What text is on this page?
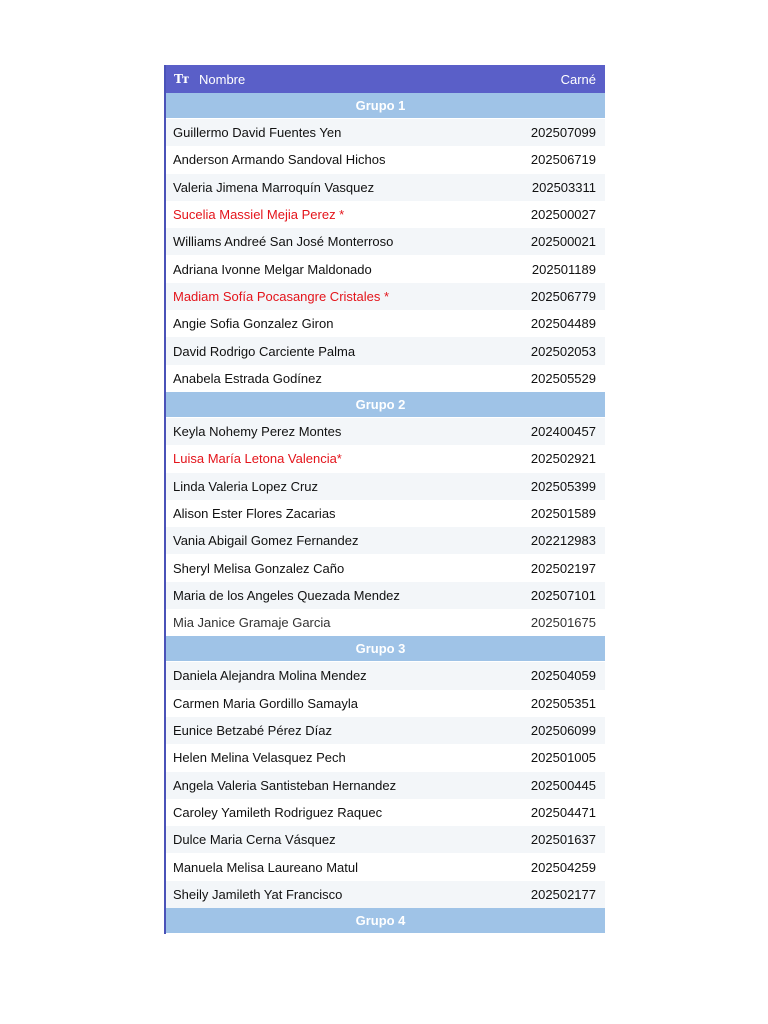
Tт Nombre	Carné
Grupo 1
Guillermo David Fuentes Yen	202507099
Anderson Armando Sandoval Hichos	202506719
Valeria Jimena Marroquín Vasquez	202503311
Sucelia Massiel Mejia Perez *	202500027
Williams Andreé San José Monterroso	202500021
Adriana Ivonne Melgar Maldonado	202501189
Madiam Sofía Pocasangre Cristales *	202506779
Angie Sofia Gonzalez Giron	202504489
David Rodrigo Carciente Palma	202502053
Anabela Estrada Godínez	202505529
Grupo 2
Keyla Nohemy Perez Montes	202400457
Luisa María Letona Valencia*	202502921
Linda Valeria Lopez Cruz	202505399
Alison Ester Flores Zacarias	202501589
Vania Abigail Gomez Fernandez	202212983
Sheryl Melisa Gonzalez Caño	202502197
Maria de los Angeles Quezada Mendez	202507101
Mia Janice Gramaje Garcia	202501675
Grupo 3
Daniela Alejandra Molina Mendez	202504059
Carmen Maria Gordillo Samayla	202505351
Eunice Betzabé Pérez Díaz	202506099
Helen Melina Velasquez Pech	202501005
Angela Valeria Santisteban Hernandez	202500445
Caroley Yamileth Rodriguez Raquec	202504471
Dulce Maria Cerna Vásquez	202501637
Manuela Melisa Laureano Matul	202504259
Sheily Jamileth Yat Francisco	202502177
Grupo 4
